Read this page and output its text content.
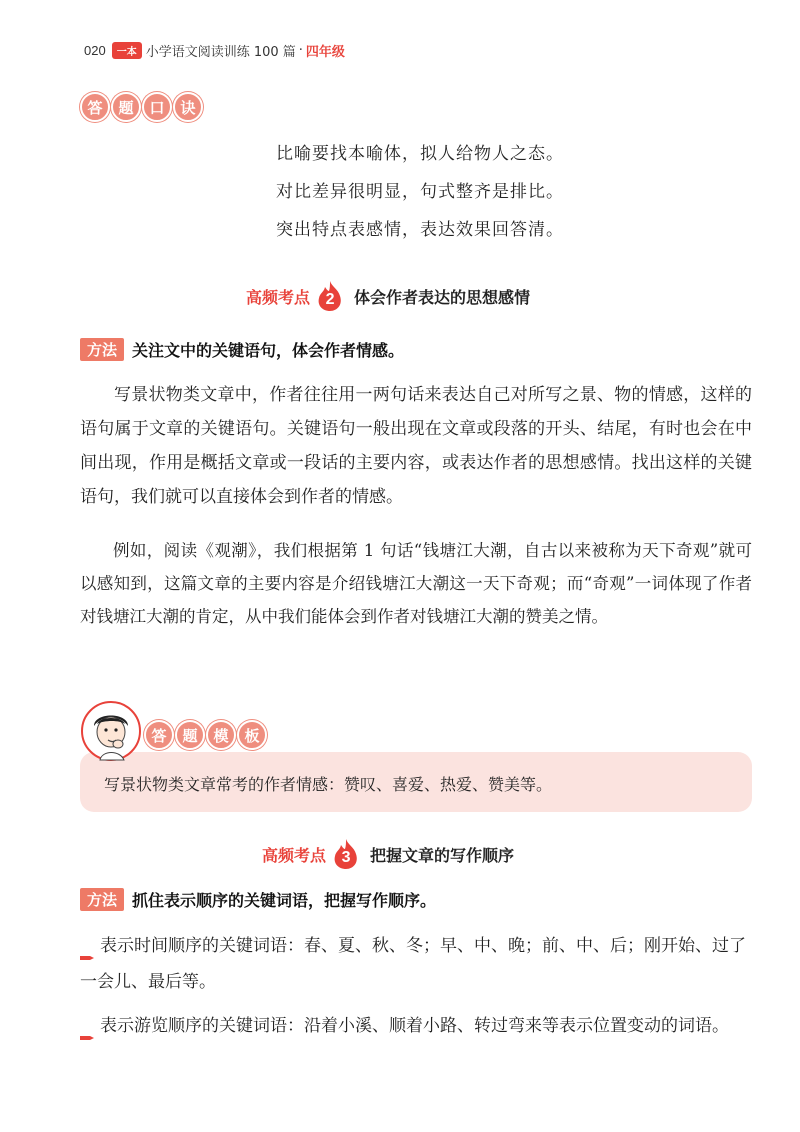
020	一本 小学语文阅读训练 100 篇 · 四年级
答	题	口	诀
比喻要找本喻体，拟人给物人之态。
对比差异很明显，句式整齐是排比。
突出特点表感情，表达效果回答清。
高频考点 2 体会作者表达的思想感情
方法 关注文中的关键语句，体会作者情感。
写景状物类文章中，作者往往用一两句话来表达自己对所写之景、物的情感，这样的语句属于文章的关键语句。关键语句一般出现在文章或段落的开头、结尾，有时也会在中间出现，作用是概括文章或一段话的主要内容，或表达作者的思想感情。找出这样的关键语句，我们就可以直接体会到作者的情感。
例如，阅读《观潮》，我们根据第 1 句话“钱塘江大潮，自古以来被称为天下奇观”就可以感知到，这篇文章的主要内容是介绍钱塘江大潮这一天下奇观；而“奇观”一词体现了作者对钱塘江大潮的肯定，从中我们能体会到作者对钱塘江大潮的赞美之情。
写景状物类文章常考的作者情感：赞叹、喜爱、热爱、赞美等。
答	题	模	板
高频考点 3 把握文章的写作顺序
方法 抓住表示顺序的关键词语，把握写作顺序。
表示时间顺序的关键词语：春、夏、秋、冬；早、中、晚；前、中、后；刚开始、过了一会儿、最后等。
表示游览顺序的关键词语：沿着小溪、顺着小路、转过弯来等表示位置变动的词语。
